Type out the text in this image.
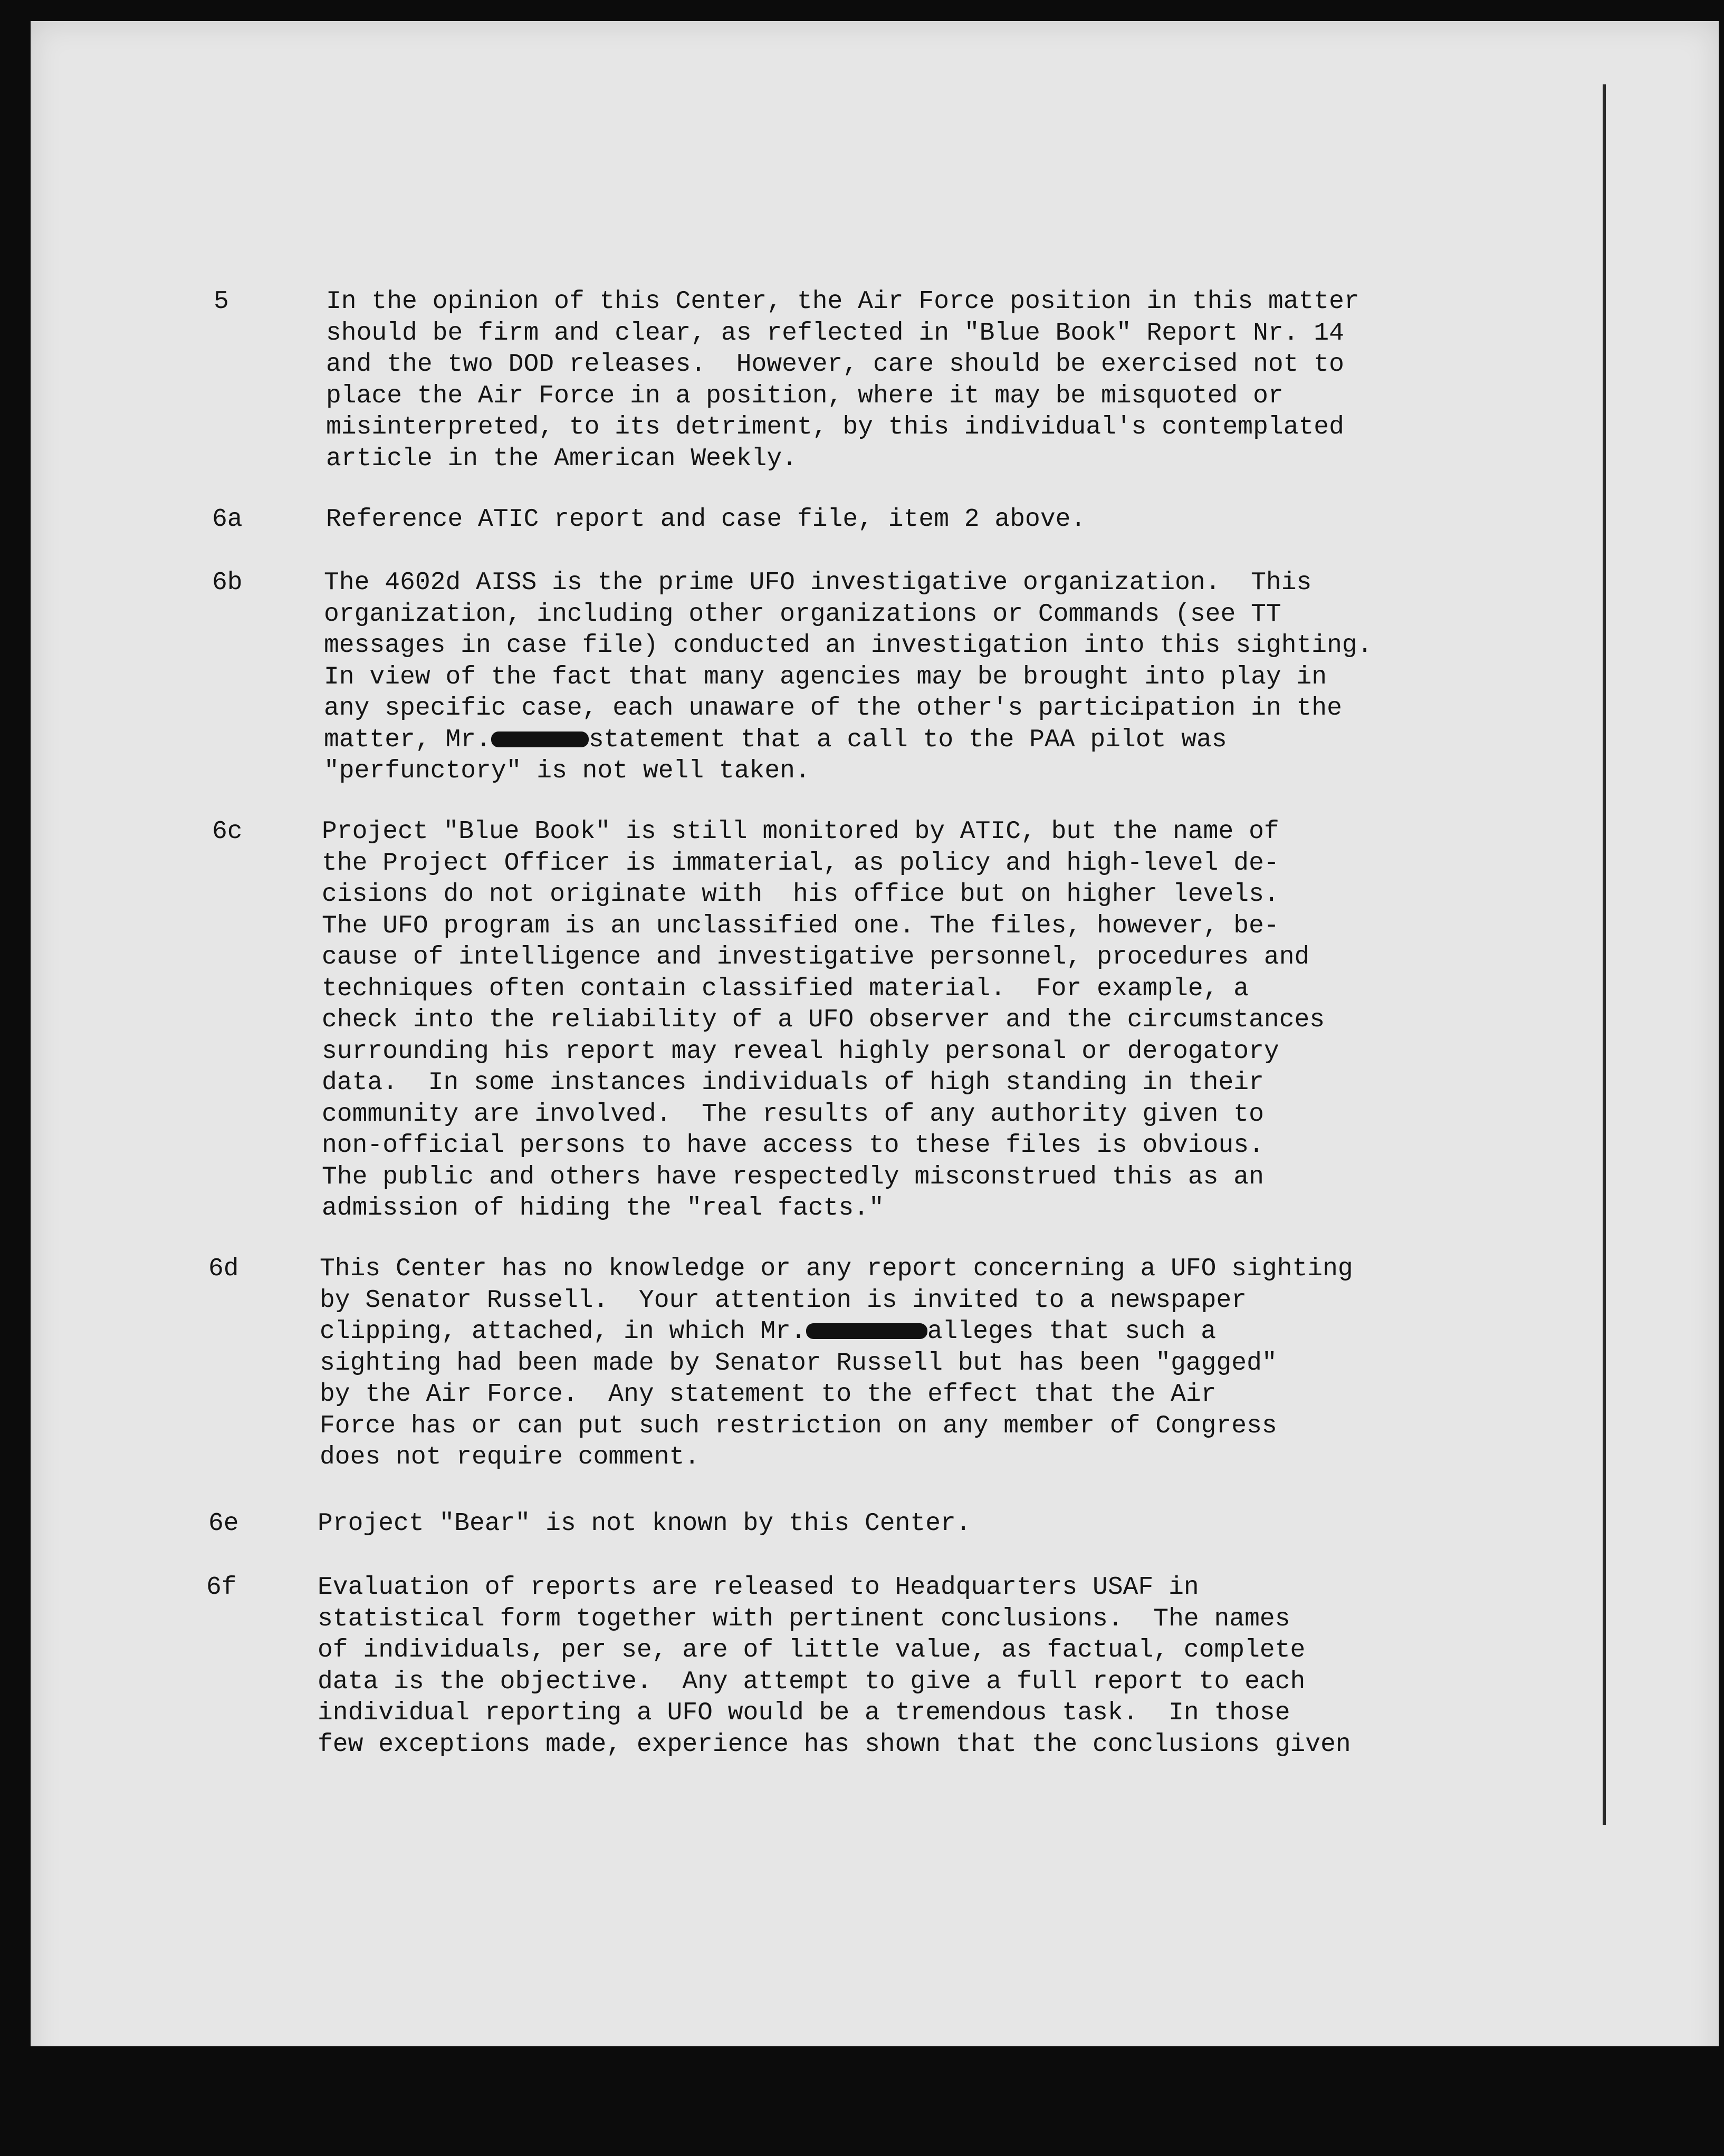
5	In the opinion of this Center, the Air Force position in this matter
should be firm and clear, as reflected in "Blue Book" Report Nr. 14
and the two DOD releases.  However, care should be exercised not to
place the Air Force in a position, where it may be misquoted or
misinterpreted, to its detriment, by this individual's contemplated
article in the American Weekly.
6a	Reference ATIC report and case file, item 2 above.
6b	The 4602d AISS is the prime UFO investigative organization.  This
organization, including other organizations or Commands (see TT
messages in case file) conducted an investigation into this sighting.
In view of the fact that many agencies may be brought into play in
any specific case, each unaware of the other's participation in the
matter, Mr.	statement that a call to the PAA pilot was
"perfunctory" is not well taken.
6c	Project "Blue Book" is still monitored by ATIC, but the name of
the Project Officer is immaterial, as policy and high-level de-
cisions do not originate with  his office but on higher levels.
The UFO program is an unclassified one. The files, however, be-
cause of intelligence and investigative personnel, procedures and
techniques often contain classified material.  For example, a
check into the reliability of a UFO observer and the circumstances
surrounding his report may reveal highly personal or derogatory
data.  In some instances individuals of high standing in their
community are involved.  The results of any authority given to
non-official persons to have access to these files is obvious.
The public and others have respectedly misconstrued this as an
admission of hiding the "real facts."
6d	This Center has no knowledge or any report concerning a UFO sighting
by Senator Russell.  Your attention is invited to a newspaper
clipping, attached, in which Mr.	alleges that such a
sighting had been made by Senator Russell but has been "gagged"
by the Air Force.  Any statement to the effect that the Air
Force has or can put such restriction on any member of Congress
does not require comment.
6e	Project "Bear" is not known by this Center.
6f	Evaluation of reports are released to Headquarters USAF in
statistical form together with pertinent conclusions.  The names
of individuals, per se, are of little value, as factual, complete
data is the objective.  Any attempt to give a full report to each
individual reporting a UFO would be a tremendous task.  In those
few exceptions made, experience has shown that the conclusions given
